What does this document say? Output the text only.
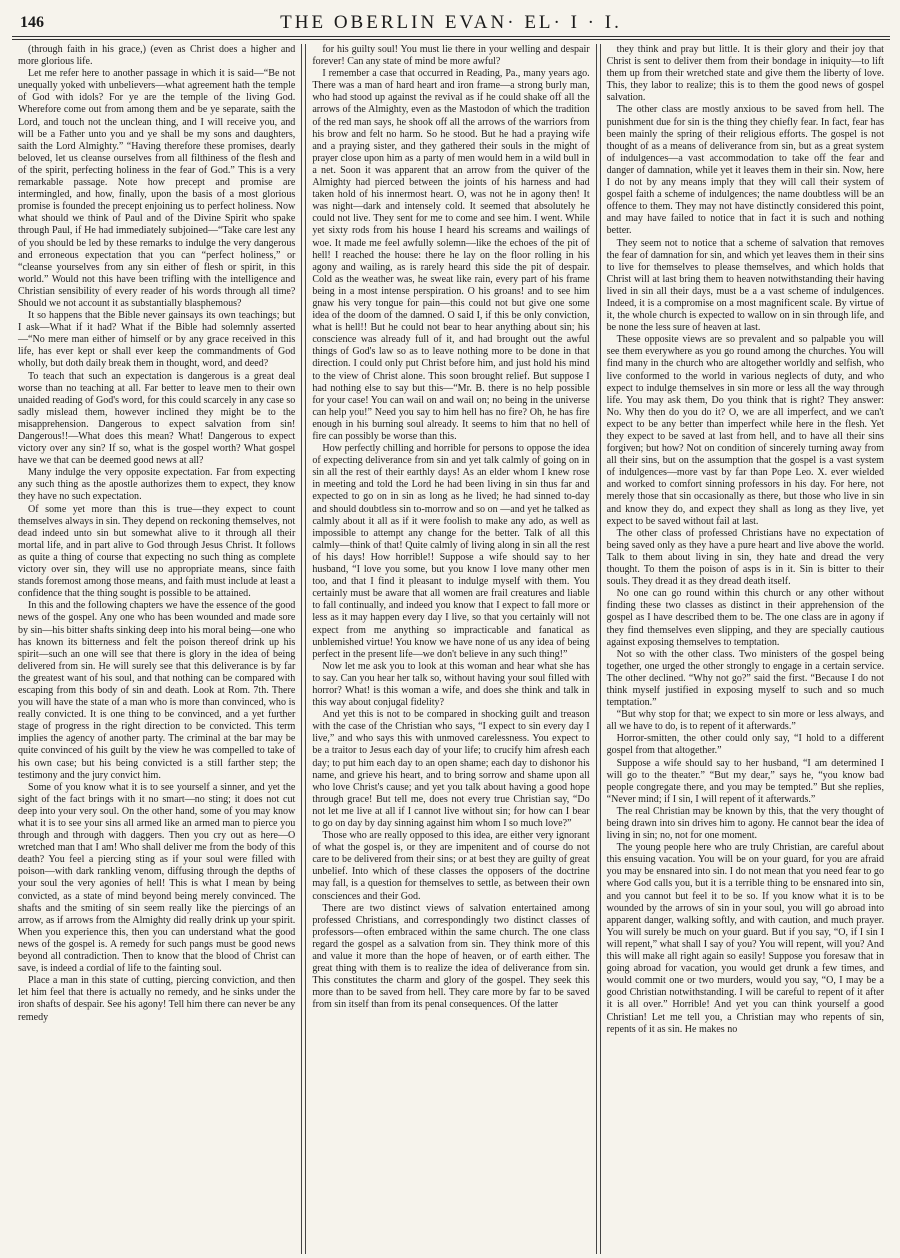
146	THE OBERLIN EVAN· EL· I · I.

(through faith in his grace,) (even as Christ does a higher and more glorious life.

Let me refer here to another passage in which it is said—“Be not unequally yoked with unbelievers—what agreement hath the temple of God with idols? For ye are the temple of the living God. Wherefore come out from among them and be ye separate, saith the Lord, and touch not the unclean thing, and I will receive you, and will be a Father unto you and ye shall be my sons and daughters, saith the Lord Almighty.” “Having therefore these promises, dearly beloved, let us cleanse ourselves from all filthiness of the flesh and of the spirit, perfecting holiness in the fear of God.” This is a very remarkable passage. Note how precept and promise are intermingled, and how, finally, upon the basis of a most glorious promise is founded the precept enjoining us to perfect holiness. Now what should we think of Paul and of the Divine Spirit who spake through Paul, if He had immediately subjoined—“Take care lest any of you should be led by these remarks to indulge the very dangerous and erroneous expectation that you can “perfect holiness,” or “cleanse yourselves from any sin either of flesh or spirit, in this world.” Would not this have been trifling with the intelligence and Christian sensibility of every reader of his words through all time? Should we not account it as substantially blasphemous?

It so happens that the Bible never gainsays its own teachings; but I ask—What if it had? What if the Bible had solemnly asserted—“No mere man either of himself or by any grace received in this life, has ever kept or shall ever keep the commandments of God wholly, but doth daily break them in thought, word, and deed?

To teach that such an expectation is dangerous is a great deal worse than no teaching at all. Far better to leave men to their own unaided reading of God's word, for this could scarcely in any case so sadly mislead them, however inclined they might be to the misapprehension. Dangerous to expect salvation from sin! Dangerous!!—What does this mean? What! Dangerous to expect victory over any sin? If so, what is the gospel worth? What gospel have we that can be deemed good news at all?

Many indulge the very opposite expectation. Far from expecting any such thing as the apostle authorizes them to expect, they know they have no such expectation.

Of some yet more than this is true—they expect to count themselves always in sin. They depend on reckoning themselves, not dead indeed unto sin but somewhat alive to it through all their mortal life, and in part alive to God through Jesus Christ. It follows as quite a thing of course that expecting no such thing as complete victory over sin, they will use no appropriate means, since faith stands foremost among those means, and faith must include at least a confidence that the thing sought is possible to be attained.

In this and the following chapters we have the essence of the good news of the gospel. Any one who has been wounded and made sore by sin—his bitter shafts sinking deep into his moral being—one who has known its bitterness and felt the poison thereof drink up his spirit—such an one will see that there is glory in the idea of being delivered from sin. He will surely see that this deliverance is by far the greatest want of his soul, and that nothing can be compared with escaping from this body of sin and death. Look at Rom. 7th. There you will have the state of a man who is more than convinced, who is really convicted. It is one thing to be convinced, and a yet further stage of progress in the right direction to be convicted. This term implies the agency of another party. The criminal at the bar may be quite convinced of his guilt by the view he was compelled to take of his own case; but his being convicted is a still farther step; the testimony and the jury convict him.

Some of you know what it is to see yourself a sinner, and yet the sight of the fact brings with it no smart—no sting; it does not cut deep into your very soul. On the other hand, some of you may know what it is to see your sins all armed like an armed man to pierce you through and through with daggers. Then you cry out as here—O wretched man that I am! Who shall deliver me from the body of this death? You feel a piercing sting as if your soul were filled with poison—with dark rankling venom, diffusing through the depths of your soul the very agonies of hell! This is what I mean by being convicted, as a state of mind beyond being merely convinced. The shafts and the smiting of sin seem really like the piercings of an arrow, as if arrows from the Almighty did really drink up your spirit. When you experience this, then you can understand what the good news of the gospel is. A remedy for such pangs must be good news beyond all contradiction. Then to know that the blood of Christ can save, is indeed a cordial of life to the fainting soul.

Place a man in this state of cutting, piercing conviction, and then let him feel that there is actually no remedy, and he sinks under the iron shafts of despair. See his agony! Tell him there can never be any remedy

for his guilty soul! You must lie there in your welling and despair forever! Can any state of mind be more awful?

I remember a case that occurred in Reading, Pa., many years ago. There was a man of hard heart and iron frame—a strong burly man, who had stood up against the revival as if he could shake off all the arrows of the Almighty, even as the Mastodon of which the tradition of the red man says, he shook off all the arrows of the warriors from his brow and felt no harm. So he stood. But he had a praying wife and a praying sister, and they gathered their souls in the might of prayer close upon him as a party of men would hem in a wild bull in a net. Soon it was apparent that an arrow from the quiver of the Almighty had pierced between the joints of his harness and had taken hold of his innermost heart. O, was not he in agony then! It was night—dark and intensely cold. It seemed that absolutely he could not live. They sent for me to come and see him. I went. While yet sixty rods from his house I heard his screams and wailings of woe. It made me feel awfully solemn—like the echoes of the pit of hell! I reached the house: there he lay on the floor rolling in his agony and wailing, as is rarely heard this side the pit of despair. Cold as the weather was, he sweat like rain, every part of his frame being in a most intense perspiration. O his groans! and to see him gnaw his very tongue for pain—this could not but give one some idea of the doom of the damned. O said I, if this be only conviction, what is hell!! But he could not bear to hear anything about sin; his conscience was already full of it, and had brought out the awful things of God's law so as to leave nothing more to be done in that direction. I could only put Christ before him, and just hold his mind to the view of Christ alone. This soon brought relief. But suppose I had nothing else to say but this—“Mr. B. there is no help possible for your case! You can wail on and wail on; no being in the universe can help you!” Need you say to him hell has no fire? Oh, he has fire enough in his burning soul already. It seems to him that no hell of fire can possibly be worse than this.

How perfectly chilling and horrible for persons to oppose the idea of expecting deliverance from sin and yet talk calmly of going on in sin all the rest of their earthly days! As an elder whom I knew rose in meeting and told the Lord he had been living in sin thus far and expected to go on in sin as long as he lived; he had sinned to-day and should doubtless sin to-morrow and so on —and yet he talked as calmly about it all as if it were foolish to make any ado, as well as impossible to attempt any change for the better. Talk of all this calmly—think of that! Quite calmly of living along in sin all the rest of his days! How horrible!! Suppose a wife should say to her husband, “I love you some, but you know I love many other men too, and that I find it pleasant to indulge myself with them. You certainly must be aware that all women are frail creatures and liable to fall continually, and indeed you know that I expect to fall more or less as it may happen every day I live, so that you certainly will not expect from me anything so impracticable and fanatical as unblemished virtue! You know we have none of us any idea of being perfect in the present life—we don't believe in any such thing!”

Now let me ask you to look at this woman and hear what she has to say. Can you hear her talk so, without having your soul filled with horror? What! is this woman a wife, and does she think and talk in this way about conjugal fidelity?

And yet this is not to be compared in shocking guilt and treason with the case of the Christian who says, “I expect to sin every day I live,” and who says this with unmoved carelessness. You expect to be a traitor to Jesus each day of your life; to crucify him afresh each day; to put him each day to an open shame; each day to dishonor his name, and grieve his heart, and to bring sorrow and shame upon all who love Christ's cause; and yet you talk about having a good hope through grace! But tell me, does not every true Christian say, “Do not let me live at all if I cannot live without sin; for how can I bear to go on day by day sinning against him whom I so much love?”

Those who are really opposed to this idea, are either very ignorant of what the gospel is, or they are impenitent and of course do not care to be delivered from their sins; or at best they are guilty of great unbelief. Into which of these classes the opposers of the doctrine may fall, is a question for themselves to settle, as between their own consciences and their God.

There are two distinct views of salvation entertained among professed Christians, and correspondingly two distinct classes of professors—often embraced within the same church. The one class regard the gospel as a salvation from sin. They think more of this and value it more than the hope of heaven, or of earth either. The great thing with them is to realize the idea of deliverance from sin. This constitutes the charm and glory of the gospel. They seek this more than to be saved from hell. They care more by far to be saved from sin itself than from its penal consequences. Of the latter

they think and pray but little. It is their glory and their joy that Christ is sent to deliver them from their bondage in iniquity—to lift them up from their wretched state and give them the liberty of love. This, they labor to realize; this is to them the good news of gospel salvation.

The other class are mostly anxious to be saved from hell. The punishment due for sin is the thing they chiefly fear. In fact, fear has been mainly the spring of their religious efforts. The gospel is not thought of as a means of deliverance from sin, but as a great system of indulgences—a vast accommodation to take off the fear and danger of damnation, while yet it leaves them in their sin. Now, here I do not by any means imply that they will call their system of gospel faith a scheme of indulgences; the name doubtless will be an offence to them. They may not have distinctly considered this point, and may have failed to notice that in fact it is such and nothing better.

They seem not to notice that a scheme of salvation that removes the fear of damnation for sin, and which yet leaves them in their sins to live for themselves to please themselves, and which holds that Christ will at last bring them to heaven notwithstanding their having lived in sin all their days, must be a a vast scheme of indulgences. Indeed, it is a compromise on a most magnificent scale. By virtue of it, the whole church is expected to wallow on in sin through life, and be none the less sure of heaven at last.

These opposite views are so prevalent and so palpable you will see them everywhere as you go round among the churches. You will find many in the church who are altogether worldly and selfish, who live conformed to the world in various neglects of duty, and who expect to indulge themselves in sin more or less all the way through life. You may ask them, Do you think that is right? They answer: No. Why then do you do it? O, we are all imperfect, and we can't expect to be any better than imperfect while here in the flesh. Yet they expect to be saved at last from hell, and to have all their sins forgiven; but how? Not on condition of sincerely turning away from all their sins, but on the assumption that the gospel is a vast system of indulgences—more vast by far than Pope Leo. X. ever wielded and worked to comfort sinning professors in his day. For here, not merely those that sin occasionally as there, but those who live in sin and know they do, and expect they shall as long as they live, yet expect to be saved without fail at last.

The other class of professed Christians have no expectation of being saved only as they have a pure heart and live above the world. Talk to them about living in sin, they hate and dread the very thought. To them the poison of asps is in it. Sin is bitter to their souls. They dread it as they dread death itself.

No one can go round within this church or any other without finding these two classes as distinct in their apprehension of the gospel as I have described them to be. The one class are in agony if they find themselves even slipping, and they are specially cautious against exposing themselves to temptation.

Not so with the other class. Two ministers of the gospel being together, one urged the other strongly to engage in a certain service. The other declined. “Why not go?” said the first. “Because I do not think myself justified in exposing myself to such and so much temptation.”

“But why stop for that; we expect to sin more or less always, and all we have to do, is to repent of it afterwards.”

Horror-smitten, the other could only say, “I hold to a different gospel from that altogether.”

Suppose a wife should say to her husband, “I am determined I will go to the theater.” “But my dear,” says he, “you know bad people congregate there, and you may be tempted.” But she replies, “Never mind; if I sin, I will repent of it afterwards.”

The real Christian may be known by this, that the very thought of being drawn into sin drives him to agony. He cannot bear the idea of living in sin; no, not for one moment.

The young people here who are truly Christian, are careful about this ensuing vacation. You will be on your guard, for you are afraid you may be ensnared into sin. I do not mean that you need fear to go where God calls you, but it is a terrible thing to be ensnared into sin, and you cannot but feel it to be so. If you know what it is to be wounded by the arrows of sin in your soul, you will go abroad into apparent danger, walking softly, and with caution, and much prayer. You will surely be much on your guard. But if you say, “O, if I sin I will repent,” what shall I say of you? You will repent, will you? And this will make all right again so easily! Suppose you foresaw that in going abroad for vacation, you would get drunk a few times, and would commit one or two murders, would you say, “O, I may be a good Christian notwithstanding. I will be careful to repent of it after it is all over.” Horrible! And yet you can think yourself a good Christian! Let me tell you, a Christian may who repents of sin, repents of it as sin. He makes no
